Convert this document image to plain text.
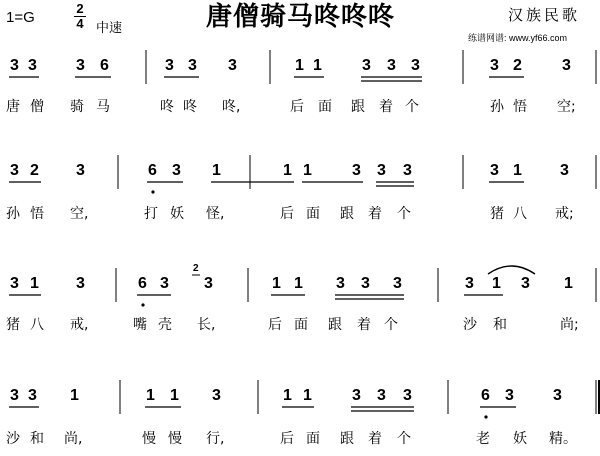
1=G
2
4 中速	唐僧骑马咚咚咚	汉族民歌
练谱网谱: www.yf66.com
3 3 3 6	3 3 3	1 1	3 3 3	3 2	3
唐 僧 骑 马	咚 咚 咚,	后 面 跟 着 个	孙 悟 空;
3 2 3	6 3 1	1 1	3 3 3	3 1 3
孙 悟 空,	打 妖 怪,	后 面 跟 着 个	猪 八 戒;
3 1 3	6 3 3	1 1 3 3 3	3 1 3 1
猪 八 戒,	嘴 壳 长,	后 面 跟 着 个	沙 和	尚;
3 3 1	1 1 3	1 1	3 3 3	6 3 3
沙 和 尚,	慢 慢 行,	后 面 跟 着 个	老 妖 精。
2
